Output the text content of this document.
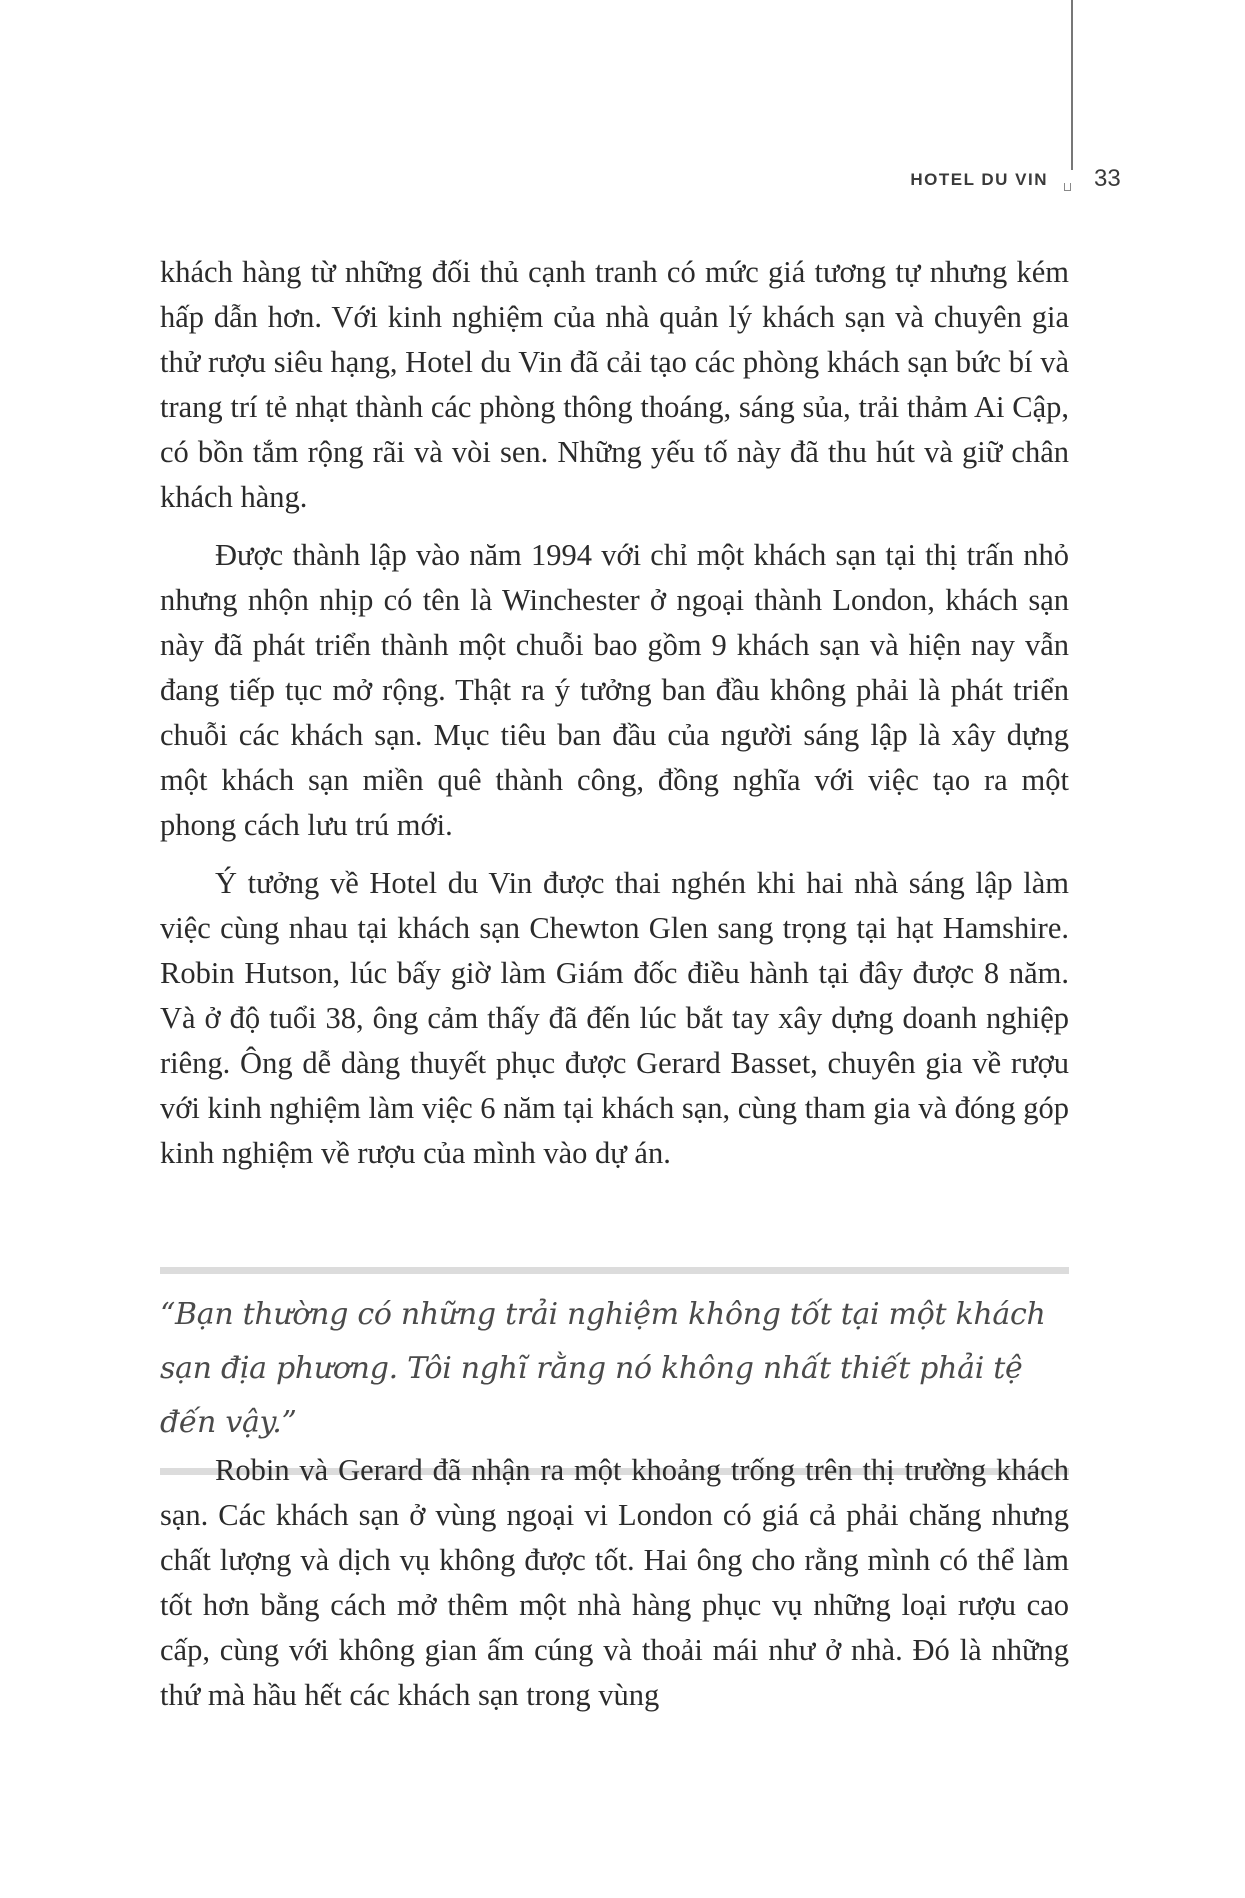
HOTEL DU VIN 33

khách hàng từ những đối thủ cạnh tranh có mức giá tương tự nhưng kém hấp dẫn hơn. Với kinh nghiệm của nhà quản lý khách sạn và chuyên gia thử rượu siêu hạng, Hotel du Vin đã cải tạo các phòng khách sạn bức bí và trang trí tẻ nhạt thành các phòng thông thoáng, sáng sủa, trải thảm Ai Cập, có bồn tắm rộng rãi và vòi sen. Những yếu tố này đã thu hút và giữ chân khách hàng.

Được thành lập vào năm 1994 với chỉ một khách sạn tại thị trấn nhỏ nhưng nhộn nhịp có tên là Winchester ở ngoại thành London, khách sạn này đã phát triển thành một chuỗi bao gồm 9 khách sạn và hiện nay vẫn đang tiếp tục mở rộng. Thật ra ý tưởng ban đầu không phải là phát triển chuỗi các khách sạn. Mục tiêu ban đầu của người sáng lập là xây dựng một khách sạn miền quê thành công, đồng nghĩa với việc tạo ra một phong cách lưu trú mới.

Ý tưởng về Hotel du Vin được thai nghén khi hai nhà sáng lập làm việc cùng nhau tại khách sạn Chewton Glen sang trọng tại hạt Hamshire. Robin Hutson, lúc bấy giờ làm Giám đốc điều hành tại đây được 8 năm. Và ở độ tuổi 38, ông cảm thấy đã đến lúc bắt tay xây dựng doanh nghiệp riêng. Ông dễ dàng thuyết phục được Gerard Basset, chuyên gia về rượu với kinh nghiệm làm việc 6 năm tại khách sạn, cùng tham gia và đóng góp kinh nghiệm về rượu của mình vào dự án.

“Bạn thường có những trải nghiệm không tốt tại một khách sạn địa phương. Tôi nghĩ rằng nó không nhất thiết phải tệ đến vậy.”

Robin và Gerard đã nhận ra một khoảng trống trên thị trường khách sạn. Các khách sạn ở vùng ngoại vi London có giá cả phải chăng nhưng chất lượng và dịch vụ không được tốt. Hai ông cho rằng mình có thể làm tốt hơn bằng cách mở thêm một nhà hàng phục vụ những loại rượu cao cấp, cùng với không gian ấm cúng và thoải mái như ở nhà. Đó là những thứ mà hầu hết các khách sạn trong vùng
